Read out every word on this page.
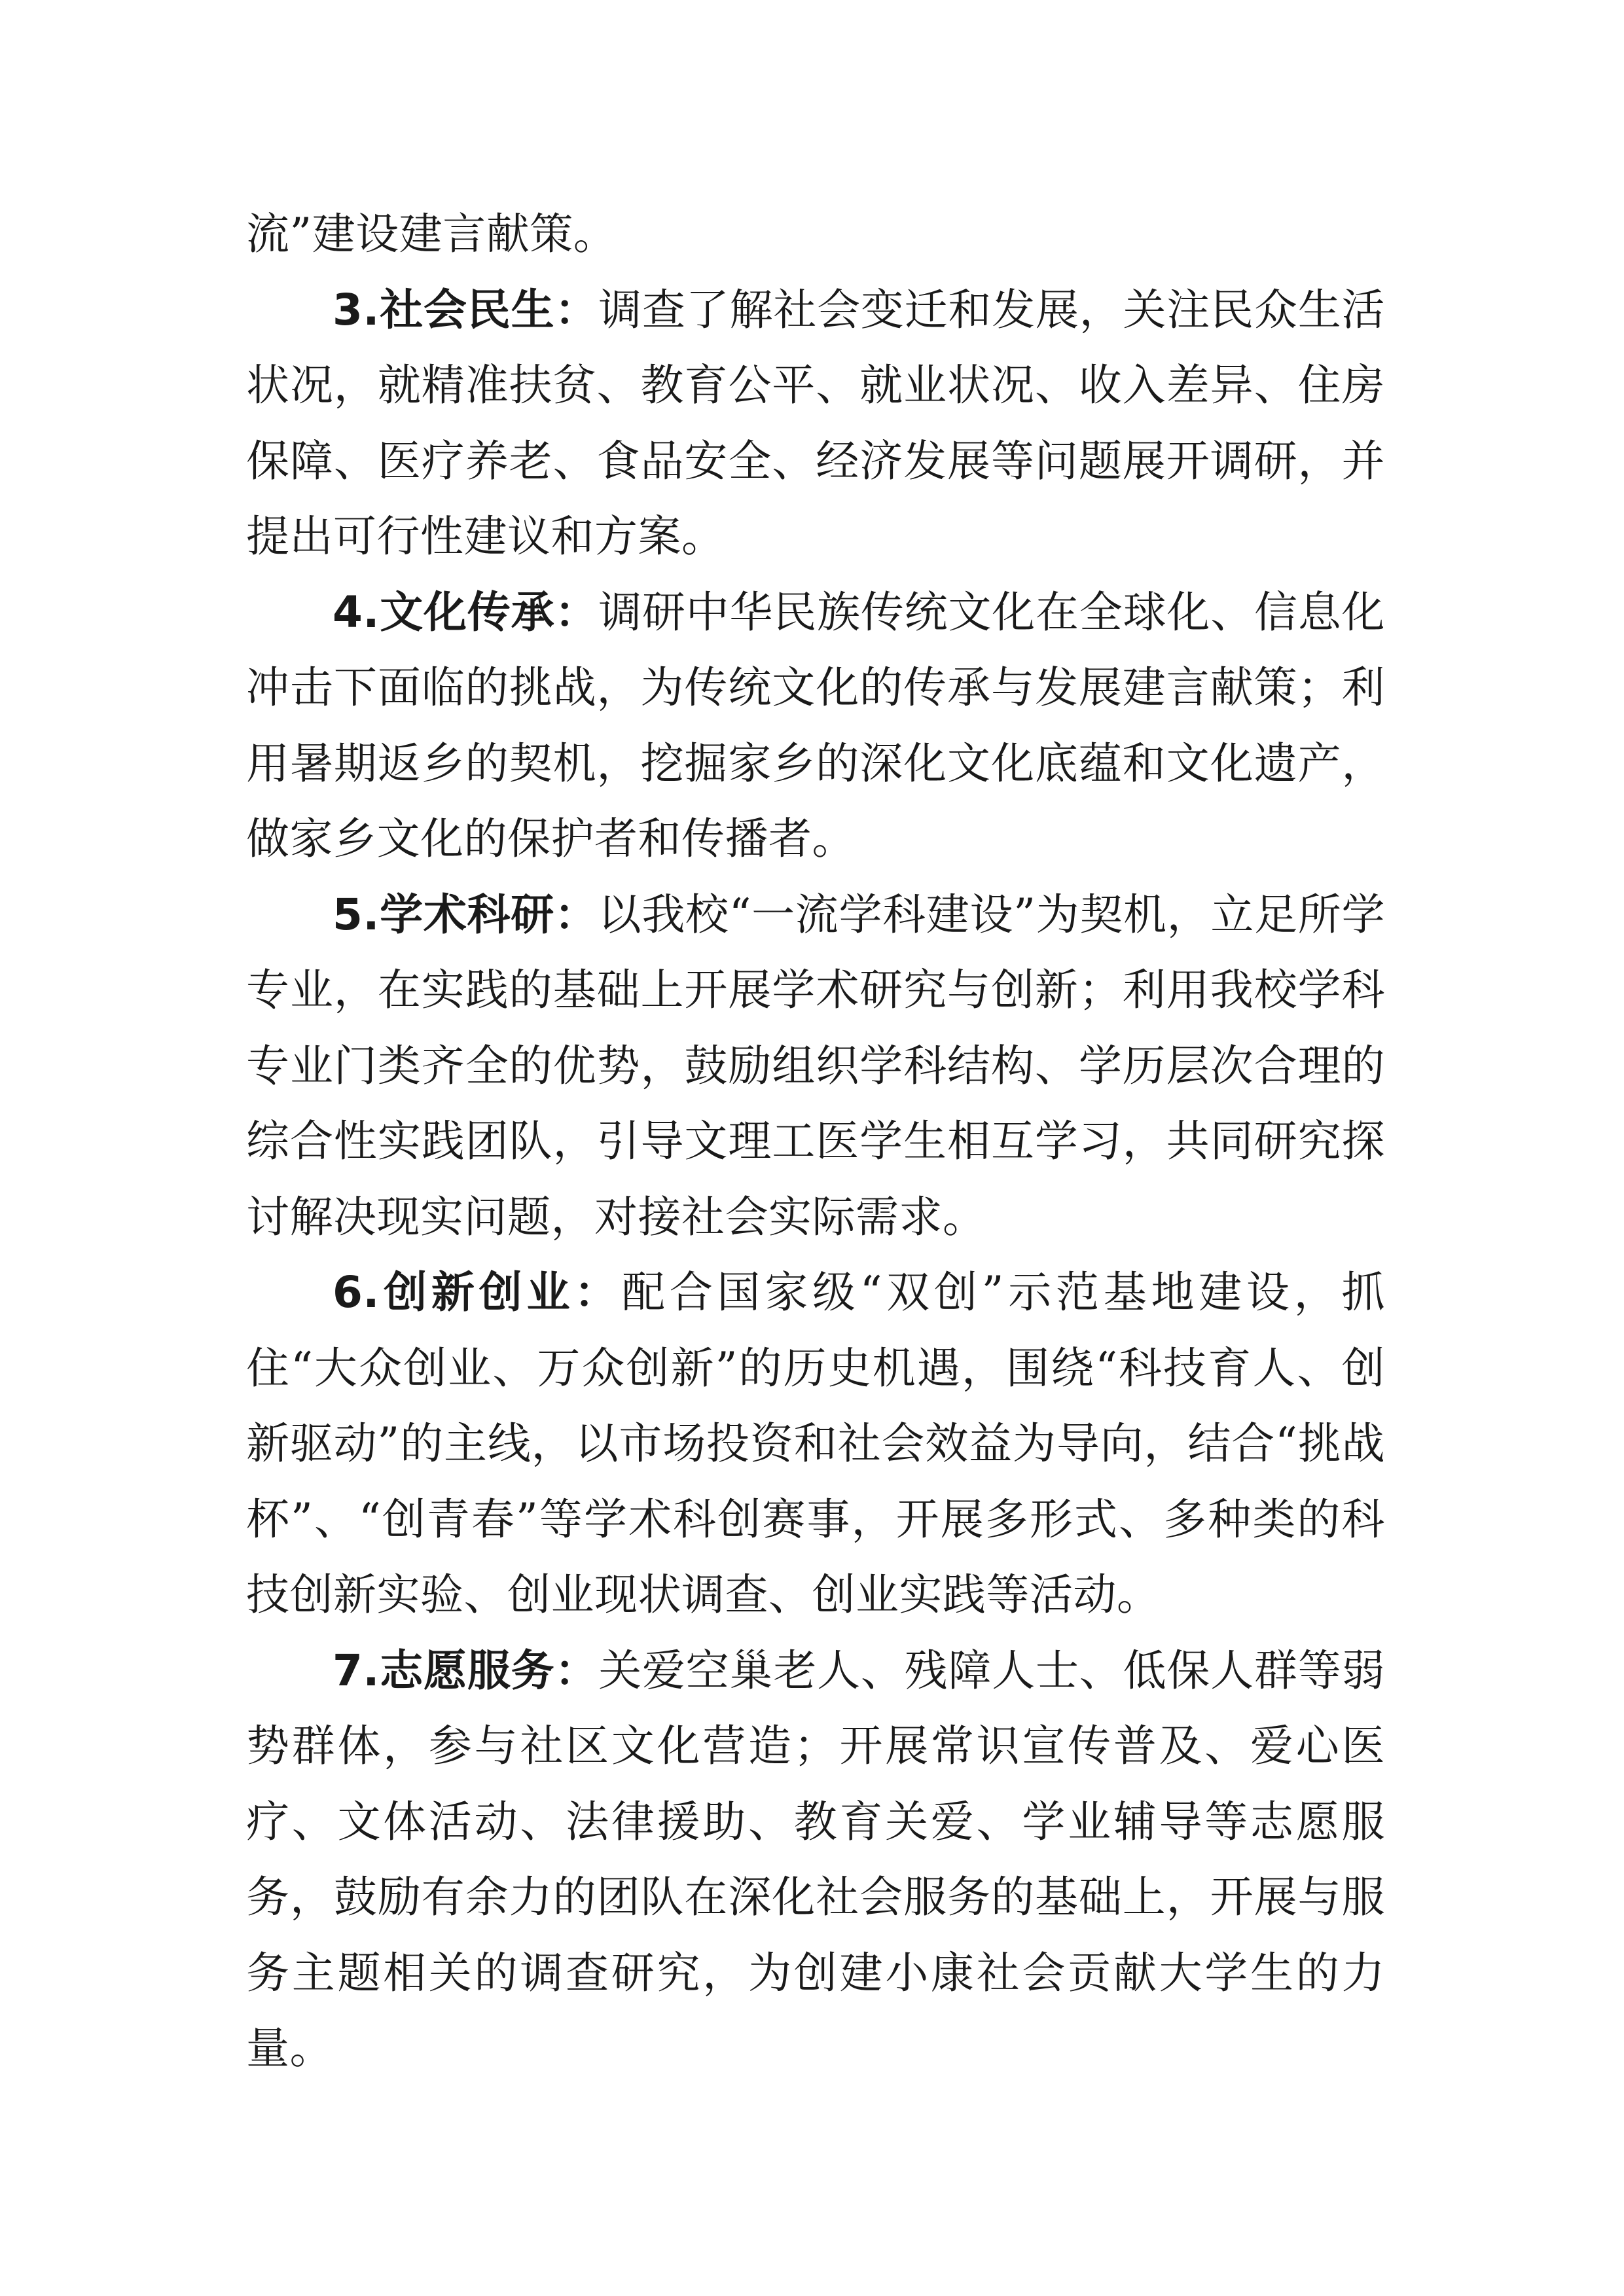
流”建设建言献策。

3.社会民生：调查了解社会变迁和发展，关注民众生活状况，就精准扶贫、教育公平、就业状况、收入差异、住房保障、医疗养老、食品安全、经济发展等问题展开调研，并提出可行性建议和方案。

4.文化传承：调研中华民族传统文化在全球化、信息化冲击下面临的挑战，为传统文化的传承与发展建言献策；利用暑期返乡的契机，挖掘家乡的深化文化底蕴和文化遗产，做家乡文化的保护者和传播者。

5.学术科研：以我校“一流学科建设”为契机，立足所学专业，在实践的基础上开展学术研究与创新；利用我校学科专业门类齐全的优势，鼓励组织学科结构、学历层次合理的综合性实践团队，引导文理工医学生相互学习，共同研究探讨解决现实问题，对接社会实际需求。

6.创新创业：配合国家级“双创”示范基地建设，抓住“大众创业、万众创新”的历史机遇，围绕“科技育人、创新驱动”的主线，以市场投资和社会效益为导向，结合“挑战杯”、“创青春”等学术科创赛事，开展多形式、多种类的科技创新实验、创业现状调查、创业实践等活动。

7.志愿服务：关爱空巢老人、残障人士、低保人群等弱势群体，参与社区文化营造；开展常识宣传普及、爱心医疗、文体活动、法律援助、教育关爱、学业辅导等志愿服务，鼓励有余力的团队在深化社会服务的基础上，开展与服务主题相关的调查研究，为创建小康社会贡献大学生的力量。
